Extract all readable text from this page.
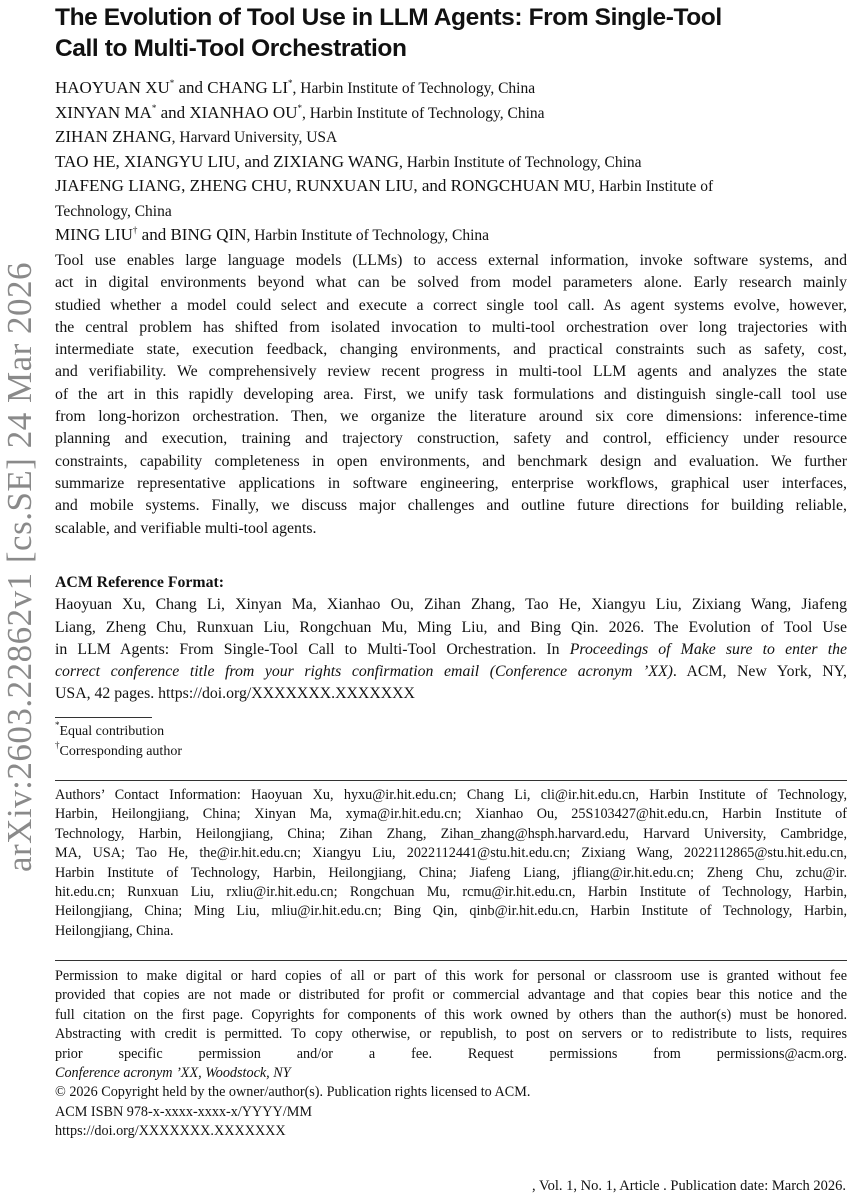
arXiv:2603.22862v1 [cs.SE] 24 Mar 2026
The Evolution of Tool Use in LLM Agents: From Single-Tool
Call to Multi-Tool Orchestration
HAOYUAN XU* and CHANG LI*, Harbin Institute of Technology, China
XINYAN MA* and XIANHAO OU*, Harbin Institute of Technology, China
ZIHAN ZHANG, Harvard University, USA
TAO HE, XIANGYU LIU, and ZIXIANG WANG, Harbin Institute of Technology, China
JIAFENG LIANG, ZHENG CHU, RUNXUAN LIU, and RONGCHUAN MU, Harbin Institute of
Technology, China
MING LIU† and BING QIN, Harbin Institute of Technology, China
Tool use enables large language models (LLMs) to access external information, invoke software systems, and
act in digital environments beyond what can be solved from model parameters alone. Early research mainly
studied whether a model could select and execute a correct single tool call. As agent systems evolve, however,
the central problem has shifted from isolated invocation to multi-tool orchestration over long trajectories with
intermediate state, execution feedback, changing environments, and practical constraints such as safety, cost,
and verifiability. We comprehensively review recent progress in multi-tool LLM agents and analyzes the state
of the art in this rapidly developing area. First, we unify task formulations and distinguish single-call tool use
from long-horizon orchestration. Then, we organize the literature around six core dimensions: inference-time
planning and execution, training and trajectory construction, safety and control, efficiency under resource
constraints, capability completeness in open environments, and benchmark design and evaluation. We further
summarize representative applications in software engineering, enterprise workflows, graphical user interfaces,
and mobile systems. Finally, we discuss major challenges and outline future directions for building reliable,
scalable, and verifiable multi-tool agents.
ACM Reference Format:
Haoyuan Xu, Chang Li, Xinyan Ma, Xianhao Ou, Zihan Zhang, Tao He, Xiangyu Liu, Zixiang Wang, Jiafeng
Liang, Zheng Chu, Runxuan Liu, Rongchuan Mu, Ming Liu, and Bing Qin. 2026. The Evolution of Tool Use
in LLM Agents: From Single-Tool Call to Multi-Tool Orchestration. In Proceedings of Make sure to enter the
correct conference title from your rights confirmation email (Conference acronym ’XX). ACM, New York, NY,
USA, 42 pages. https://doi.org/XXXXXXX.XXXXXXX
*Equal contribution
†Corresponding author
Authors’ Contact Information: Haoyuan Xu, hyxu@ir.hit.edu.cn; Chang Li, cli@ir.hit.edu.cn, Harbin Institute of Technology,
Harbin, Heilongjiang, China; Xinyan Ma, xyma@ir.hit.edu.cn; Xianhao Ou, 25S103427@hit.edu.cn, Harbin Institute of
Technology, Harbin, Heilongjiang, China; Zihan Zhang, Zihan_zhang@hsph.harvard.edu, Harvard University, Cambridge,
MA, USA; Tao He, the@ir.hit.edu.cn; Xiangyu Liu, 2022112441@stu.hit.edu.cn; Zixiang Wang, 2022112865@stu.hit.edu.cn,
Harbin Institute of Technology, Harbin, Heilongjiang, China; Jiafeng Liang, jfliang@ir.hit.edu.cn; Zheng Chu, zchu@ir.
hit.edu.cn; Runxuan Liu, rxliu@ir.hit.edu.cn; Rongchuan Mu, rcmu@ir.hit.edu.cn, Harbin Institute of Technology, Harbin,
Heilongjiang, China; Ming Liu, mliu@ir.hit.edu.cn; Bing Qin, qinb@ir.hit.edu.cn, Harbin Institute of Technology, Harbin,
Heilongjiang, China.
Permission to make digital or hard copies of all or part of this work for personal or classroom use is granted without fee
provided that copies are not made or distributed for profit or commercial advantage and that copies bear this notice and the
full citation on the first page. Copyrights for components of this work owned by others than the author(s) must be honored.
Abstracting with credit is permitted. To copy otherwise, or republish, to post on servers or to redistribute to lists, requires
prior specific permission and/or a fee. Request permissions from permissions@acm.org.
Conference acronym ’XX, Woodstock, NY
© 2026 Copyright held by the owner/author(s). Publication rights licensed to ACM.
ACM ISBN 978-x-xxxx-xxxx-x/YYYY/MM
https://doi.org/XXXXXXX.XXXXXXX
, Vol. 1, No. 1, Article . Publication date: March 2026.
